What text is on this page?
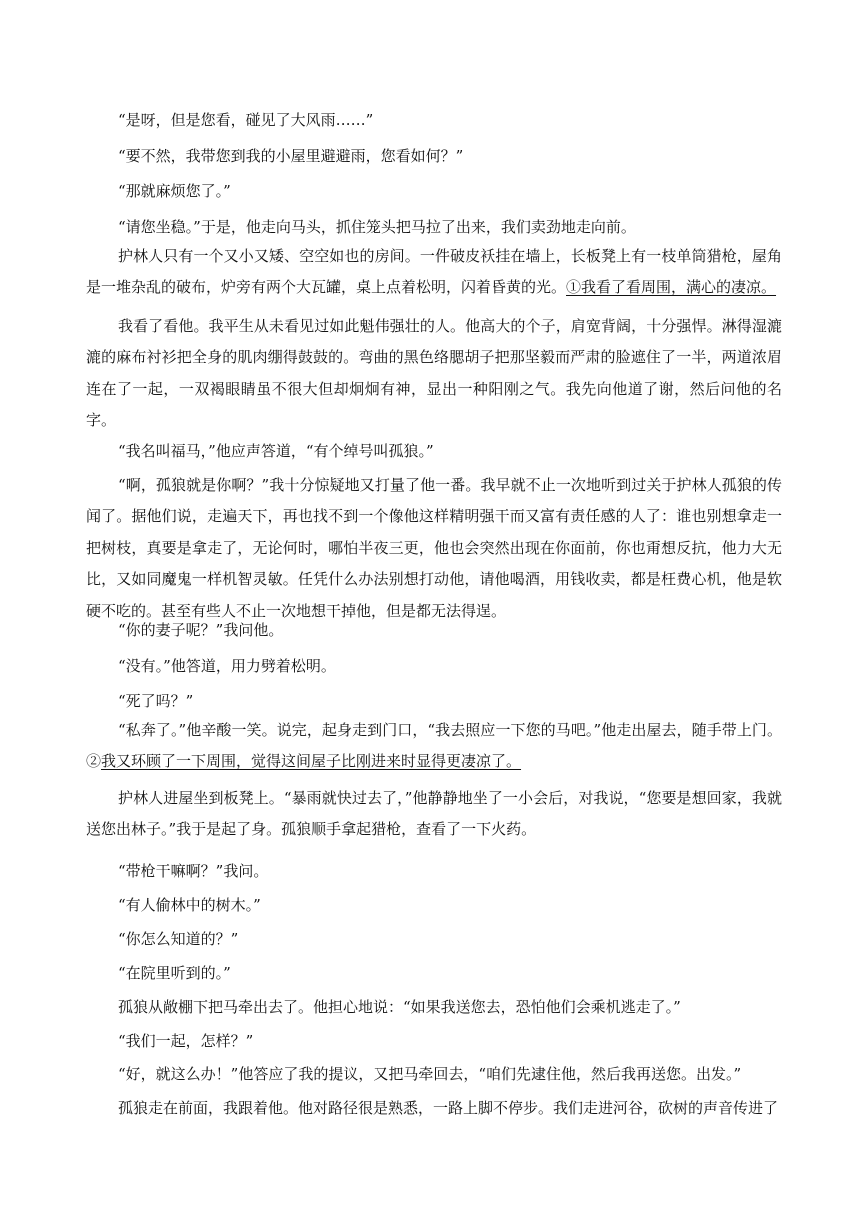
“是呀，但是您看，碰见了大风雨……”

“要不然，我带您到我的小屋里避避雨，您看如何？”

“那就麻烦您了。”

“请您坐稳。”于是，他走向马头，抓住笼头把马拉了出来，我们卖劲地走向前。

护林人只有一个又小又矮、空空如也的房间。一件破皮袄挂在墙上，长板凳上有一枝单筒猎枪，屋角是一堆杂乱的破布，炉旁有两个大瓦罐，桌上点着松明，闪着昏黄的光。①我看了看周围，满心的凄凉。

我看了看他。我平生从未看见过如此魁伟强壮的人。他高大的个子，肩宽背阔，十分强悍。淋得湿漉漉的麻布衬衫把全身的肌肉绷得鼓鼓的。弯曲的黑色络腮胡子把那坚毅而严肃的脸遮住了一半，两道浓眉连在了一起，一双褐眼睛虽不很大但却炯炯有神，显出一种阳刚之气。我先向他道了谢，然后问他的名字。

“我名叫福马，”他应声答道，“有个绰号叫孤狼。”

“啊，孤狼就是你啊？”我十分惊疑地又打量了他一番。我早就不止一次地听到过关于护林人孤狼的传闻了。据他们说，走遍天下，再也找不到一个像他这样精明强干而又富有责任感的人了：谁也别想拿走一把树枝，真要是拿走了，无论何时，哪怕半夜三更，他也会突然出现在你面前，你也甭想反抗，他力大无比，又如同魔鬼一样机智灵敏。任凭什么办法别想打动他，请他喝酒，用钱收卖，都是枉费心机，他是软硬不吃的。甚至有些人不止一次地想干掉他，但是都无法得逞。

“你的妻子呢？”我问他。

“没有。”他答道，用力劈着松明。

“死了吗？”

“私奔了。”他辛酸一笑。说完，起身走到门口，“我去照应一下您的马吧。”他走出屋去，随手带上门。②我又环顾了一下周围，觉得这间屋子比刚进来时显得更凄凉了。

护林人进屋坐到板凳上。“暴雨就快过去了，”他静静地坐了一小会后，对我说，“您要是想回家，我就送您出林子。”我于是起了身。孤狼顺手拿起猎枪，查看了一下火药。

“带枪干嘛啊？”我问。

“有人偷林中的树木。”

“你怎么知道的？”

“在院里听到的。”

孤狼从敞棚下把马牵出去了。他担心地说：“如果我送您去，恐怕他们会乘机逃走了。”

“我们一起，怎样？”

“好，就这么办！”他答应了我的提议，又把马牵回去，“咱们先逮住他，然后我再送您。出发。”

孤狼走在前面，我跟着他。他对路径很是熟悉，一路上脚不停步。我们走进河谷，砍树的声音传进了
